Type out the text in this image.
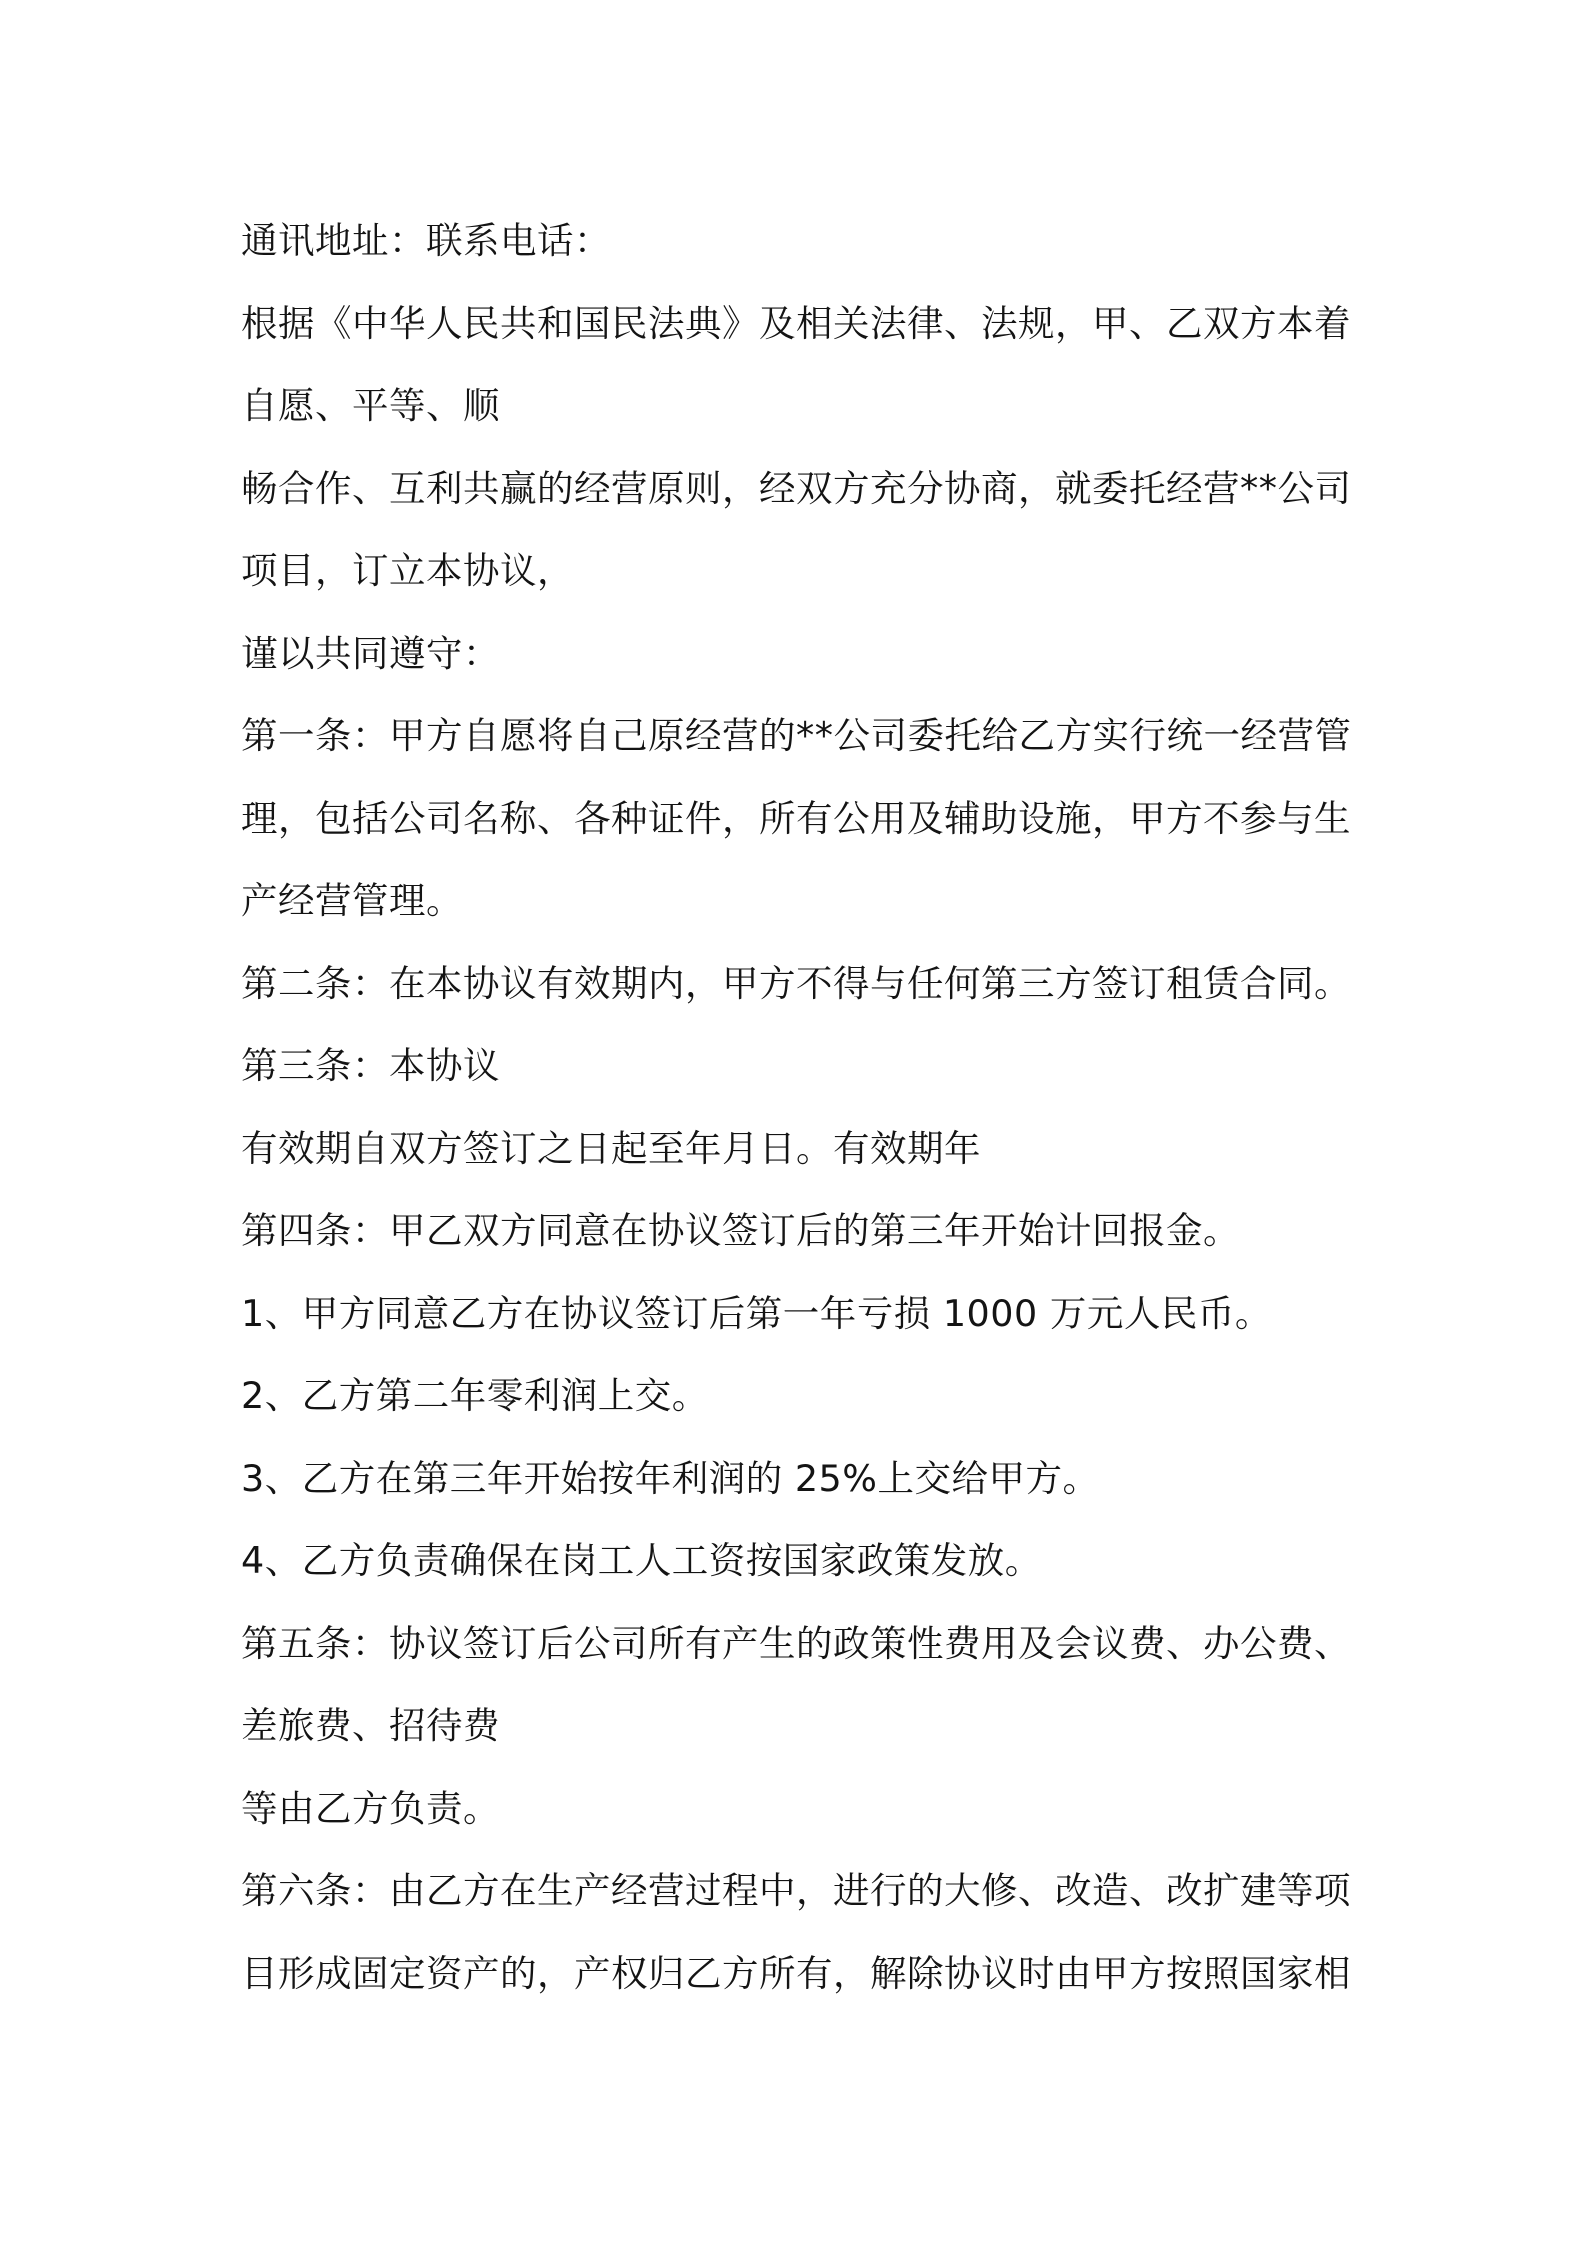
通讯地址：联系电话：
根据《中华人民共和国民法典》及相关法律、法规，甲、乙双方本着
自愿、平等、顺
畅合作、互利共赢的经营原则，经双方充分协商，就委托经营**公司
项目，订立本协议，
谨以共同遵守：
第一条：甲方自愿将自己原经营的**公司委托给乙方实行统一经营管
理，包括公司名称、各种证件，所有公用及辅助设施，甲方不参与生
产经营管理。
第二条：在本协议有效期内，甲方不得与任何第三方签订租赁合同。
第三条：本协议
有效期自双方签订之日起至年月日。有效期年
第四条：甲乙双方同意在协议签订后的第三年开始计回报金。
1、甲方同意乙方在协议签订后第一年亏损 1000 万元人民币。
2、乙方第二年零利润上交。
3、乙方在第三年开始按年利润的 25%上交给甲方。
4、乙方负责确保在岗工人工资按国家政策发放。
第五条：协议签订后公司所有产生的政策性费用及会议费、办公费、
差旅费、招待费
等由乙方负责。
第六条：由乙方在生产经营过程中，进行的大修、改造、改扩建等项
目形成固定资产的，产权归乙方所有，解除协议时由甲方按照国家相
